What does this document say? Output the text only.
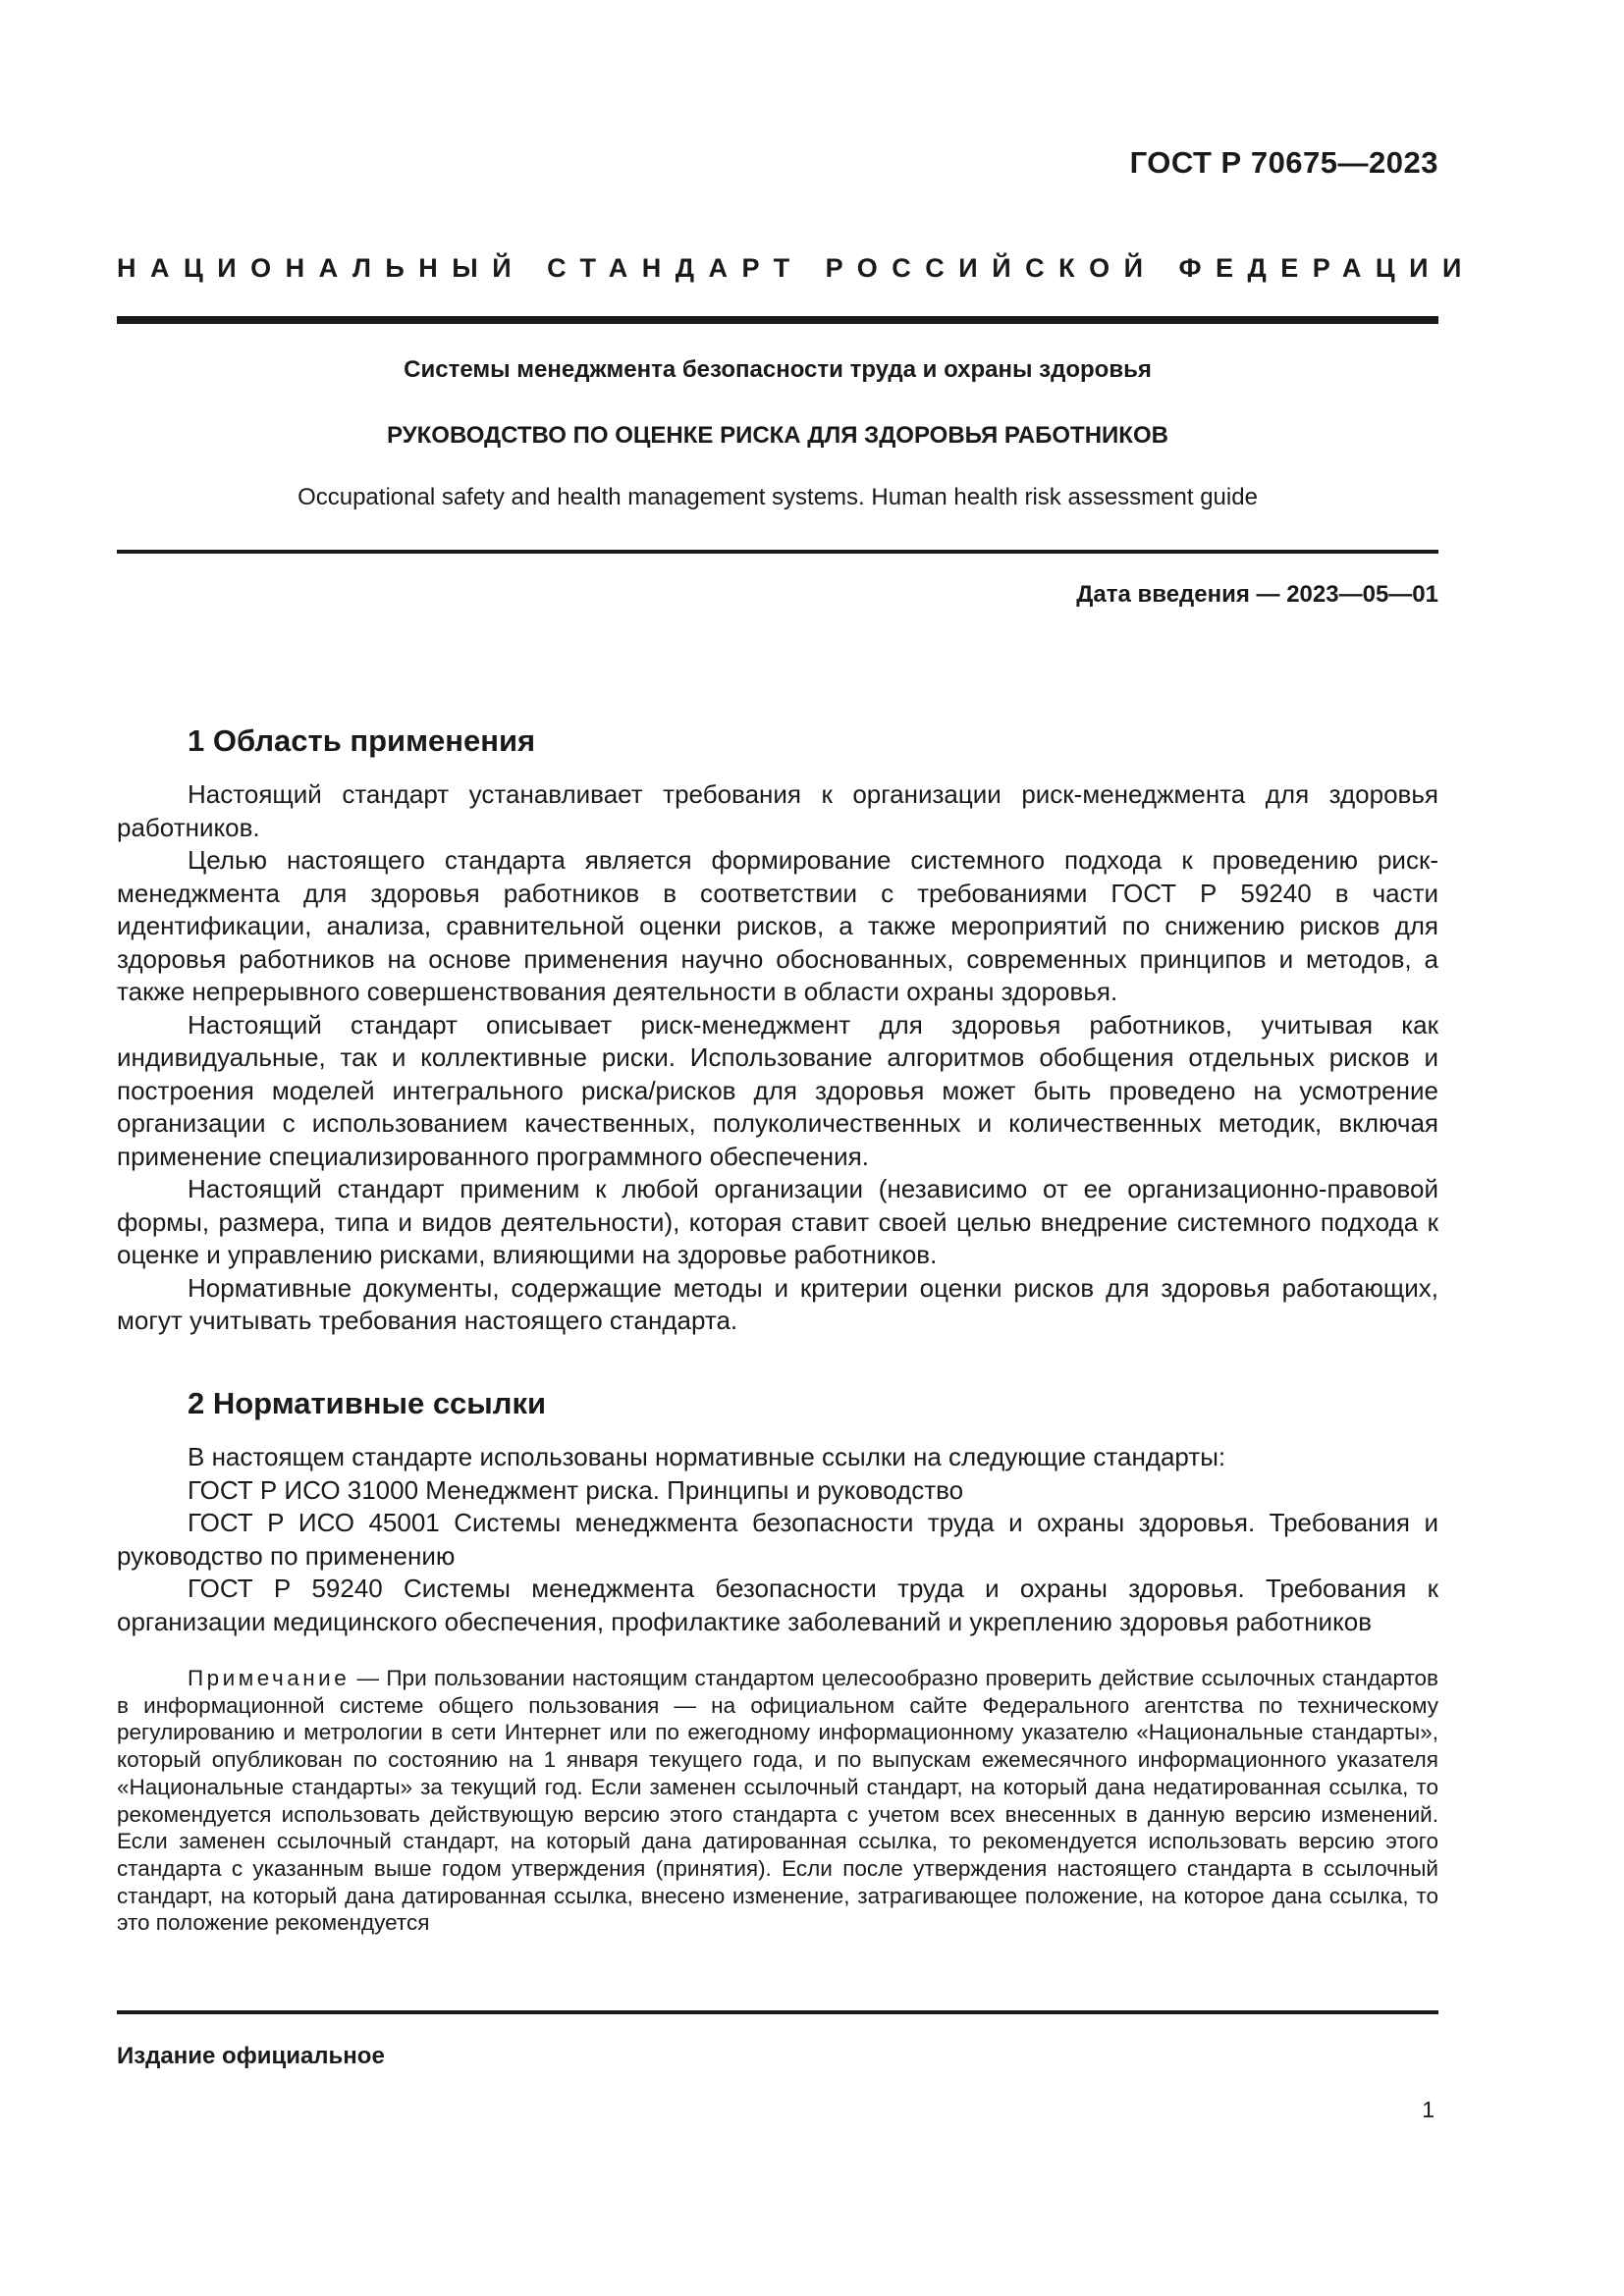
ГОСТ Р 70675—2023
НАЦИОНАЛЬНЫЙ СТАНДАРТ РОССИЙСКОЙ ФЕДЕРАЦИИ
Системы менеджмента безопасности труда и охраны здоровья
РУКОВОДСТВО ПО ОЦЕНКЕ РИСКА ДЛЯ ЗДОРОВЬЯ РАБОТНИКОВ
Occupational safety and health management systems. Human health risk assessment guide
Дата введения — 2023—05—01
1 Область применения

Настоящий стандарт устанавливает требования к организации риск-менеджмента для здоровья работников.

Целью настоящего стандарта является формирование системного подхода к проведению риск-менеджмента для здоровья работников в соответствии с требованиями ГОСТ Р 59240 в части идентификации, анализа, сравнительной оценки рисков, а также мероприятий по снижению рисков для здоровья работников на основе применения научно обоснованных, современных принципов и методов, а также непрерывного совершенствования деятельности в области охраны здоровья.

Настоящий стандарт описывает риск-менеджмент для здоровья работников, учитывая как индивидуальные, так и коллективные риски. Использование алгоритмов обобщения отдельных рисков и построения моделей интегрального риска/рисков для здоровья может быть проведено на усмотрение организации с использованием качественных, полуколичественных и количественных методик, включая применение специализированного программного обеспечения.

Настоящий стандарт применим к любой организации (независимо от ее организационно-правовой формы, размера, типа и видов деятельности), которая ставит своей целью внедрение системного подхода к оценке и управлению рисками, влияющими на здоровье работников.

Нормативные документы, содержащие методы и критерии оценки рисков для здоровья работающих, могут учитывать требования настоящего стандарта.

2 Нормативные ссылки

В настоящем стандарте использованы нормативные ссылки на следующие стандарты:

ГОСТ Р ИСО 31000 Менеджмент риска. Принципы и руководство

ГОСТ Р ИСО 45001 Системы менеджмента безопасности труда и охраны здоровья. Требования и руководство по применению

ГОСТ Р 59240 Системы менеджмента безопасности труда и охраны здоровья. Требования к организации медицинского обеспечения, профилактике заболеваний и укреплению здоровья работников

Примечание — При пользовании настоящим стандартом целесообразно проверить действие ссылочных стандартов в информационной системе общего пользования — на официальном сайте Федерального агентства по техническому регулированию и метрологии в сети Интернет или по ежегодному информационному указателю «Национальные стандарты», который опубликован по состоянию на 1 января текущего года, и по выпускам ежемесячного информационного указателя «Национальные стандарты» за текущий год. Если заменен ссылочный стандарт, на который дана недатированная ссылка, то рекомендуется использовать действующую версию этого стандарта с учетом всех внесенных в данную версию изменений. Если заменен ссылочный стандарт, на который дана датированная ссылка, то рекомендуется использовать версию этого стандарта с указанным выше годом утверждения (принятия). Если после утверждения настоящего стандарта в ссылочный стандарт, на который дана датированная ссылка, внесено изменение, затрагивающее положение, на которое дана ссылка, то это положение рекомендуется

Издание официальное
1
